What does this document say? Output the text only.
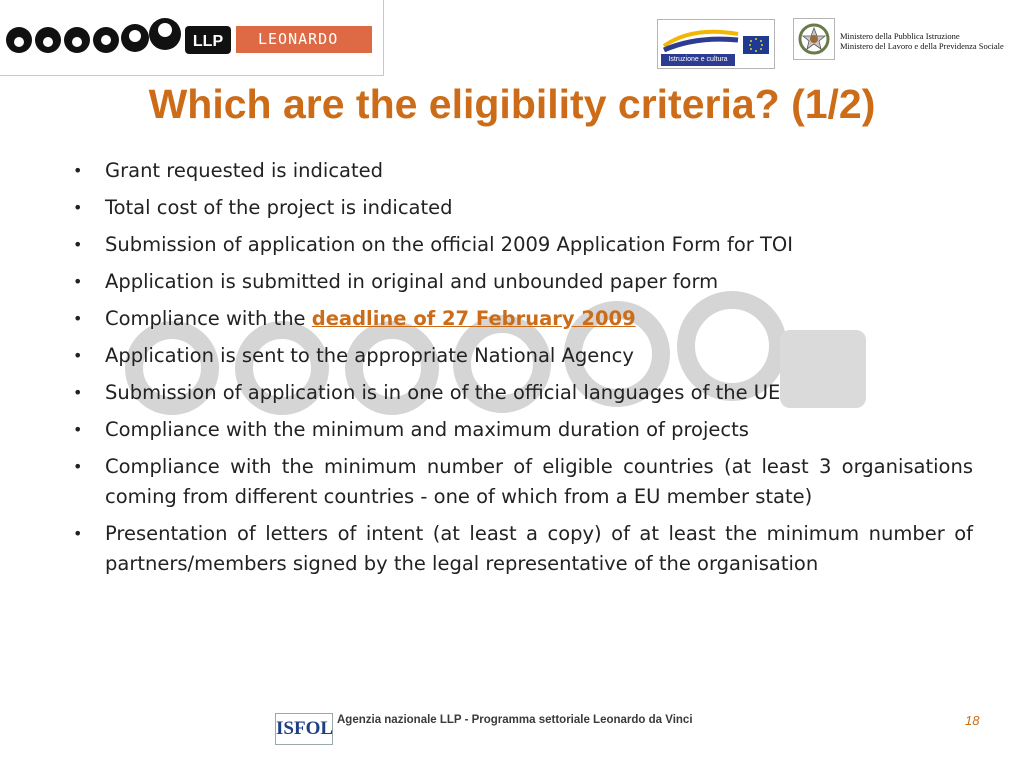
LLP	LEONARDO
Istruzione e cultura
Ministero della Pubblica Istruzione
Ministero del Lavoro e della Previdenza Sociale
Which are the eligibility criteria? (1/2)
•	Grant requested is indicated
•	Total cost of the project is indicated
•	Submission of application on the official 2009 Application Form for TOI
•	Application is submitted in original and unbounded paper form
•	Compliance with the deadline of 27 February 2009
•	Application is sent to the appropriate National Agency
•	Submission of application is in one of the official languages of the UE
•	Compliance with the minimum and maximum duration of projects
•	Compliance with the minimum number of eligible countries (at least 3 organisations coming from different countries - one of which from a EU member state)
•	Presentation of letters of intent (at least a copy) of at least the minimum number of partners/members signed by the legal representative of the organisation
ISFOL Agenzia nazionale LLP - Programma settoriale Leonardo da Vinci	18
